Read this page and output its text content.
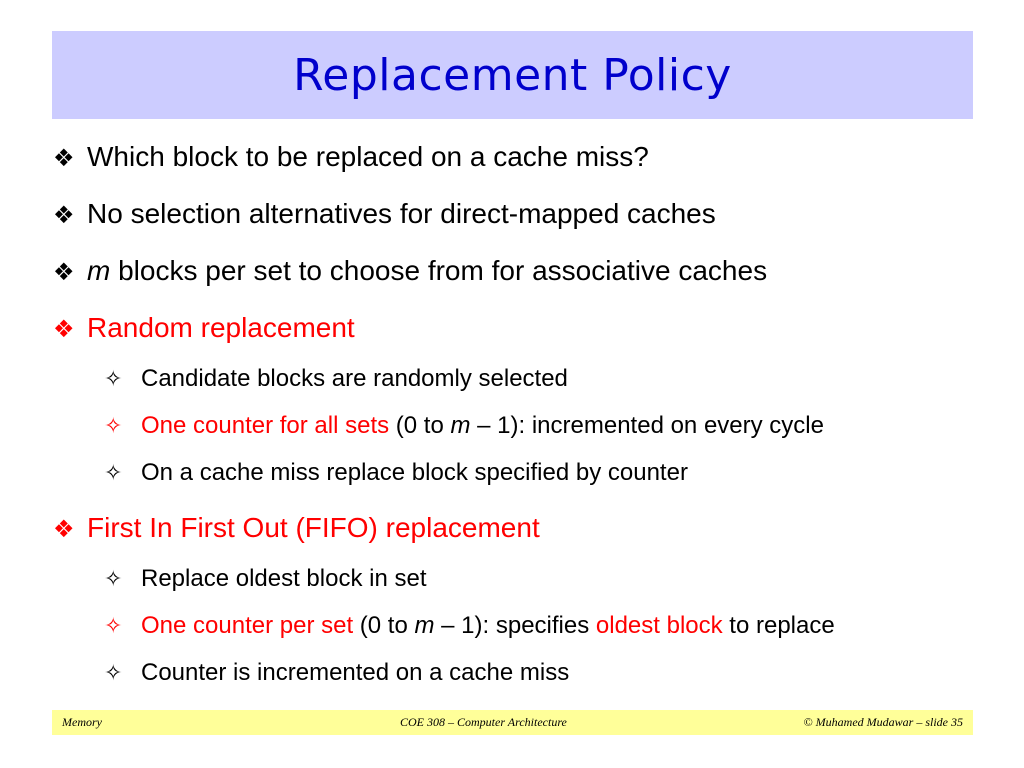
Replacement Policy
❖ Which block to be replaced on a cache miss?
❖ No selection alternatives for direct-mapped caches
❖ m blocks per set to choose from for associative caches
❖ Random replacement
✧ Candidate blocks are randomly selected
✧ One counter for all sets (0 to m – 1): incremented on every cycle
✧ On a cache miss replace block specified by counter
❖ First In First Out (FIFO) replacement
✧ Replace oldest block in set
✧ One counter per set (0 to m – 1): specifies oldest block to replace
✧ Counter is incremented on a cache miss
Memory	COE 308 – Computer Architecture	© Muhamed Mudawar – slide 35
